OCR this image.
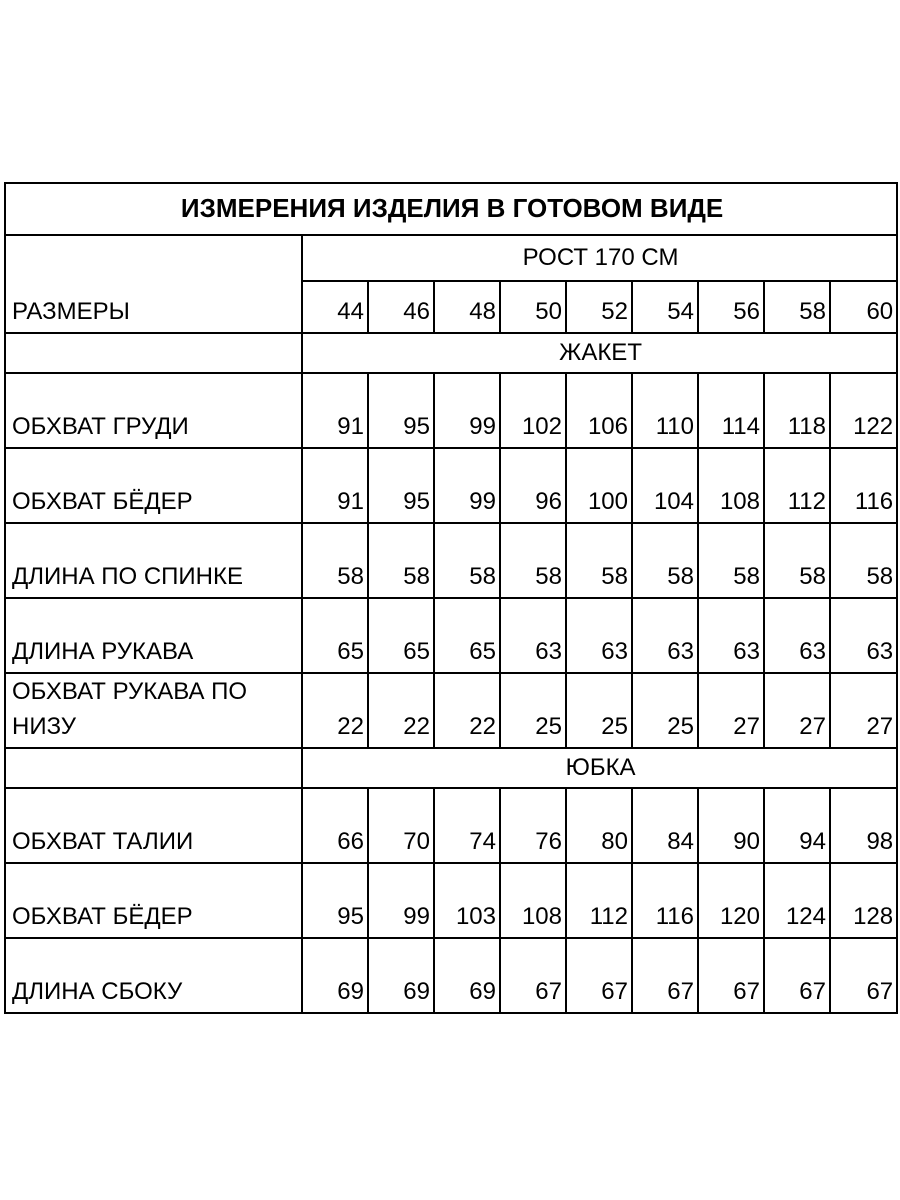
ИЗМЕРЕНИЯ ИЗДЕЛИЯ В ГОТОВОМ ВИДЕ									
РАЗМЕРЫ	РОСТ 170 СМ								
	44	46	48	50	52	54	56	58	60
	ЖАКЕТ								
ОБХВАТ ГРУДИ	91	95	99	102	106	110	114	118	122
ОБХВАТ БЁДЕР	91	95	99	96	100	104	108	112	116
ДЛИНА ПО СПИНКЕ	58	58	58	58	58	58	58	58	58
ДЛИНА РУКАВА	65	65	65	63	63	63	63	63	63
ОБХВАТ РУКАВА ПО НИЗУ	22	22	22	25	25	25	27	27	27
	ЮБКА								
ОБХВАТ ТАЛИИ	66	70	74	76	80	84	90	94	98
ОБХВАТ БЁДЕР	95	99	103	108	112	116	120	124	128
ДЛИНА СБОКУ	69	69	69	67	67	67	67	67	67
